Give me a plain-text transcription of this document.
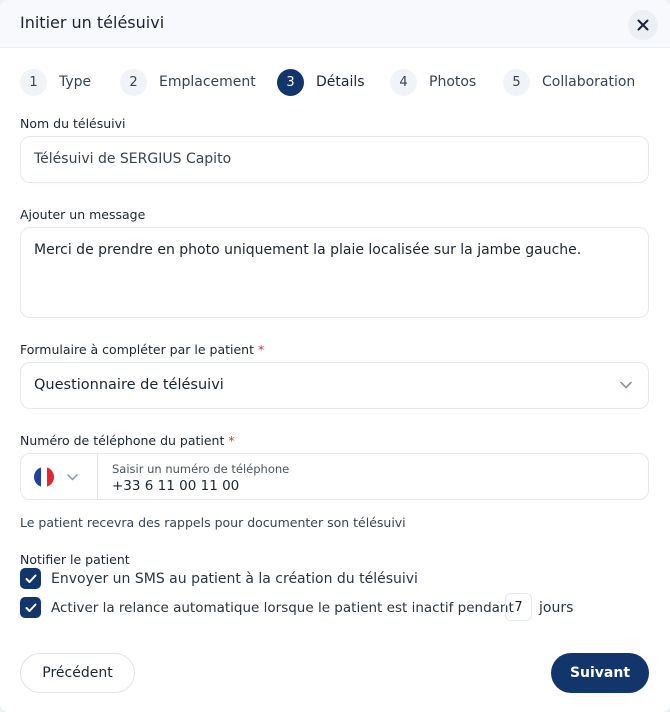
Initier un télésuivi
1	Type	2	Emplacement	3	Détails	4	Photos	5	Collaboration
Nom du télésuivi
Télésuivi de SERGIUS Capito
Ajouter un message
Merci de prendre en photo uniquement la plaie localisée sur la jambe gauche.
Formulaire à compléter par le patient *
Questionnaire de télésuivi
Numéro de téléphone du patient *
Saisir un numéro de téléphone
+33 6 11 00 11 00
Le patient recevra des rappels pour documenter son télésuivi
Notifier le patient
Envoyer un SMS au patient à la création du télésuivi
Activer la relance automatique lorsque le patient est inactif pendant 7	jours
Précédent	Suivant
